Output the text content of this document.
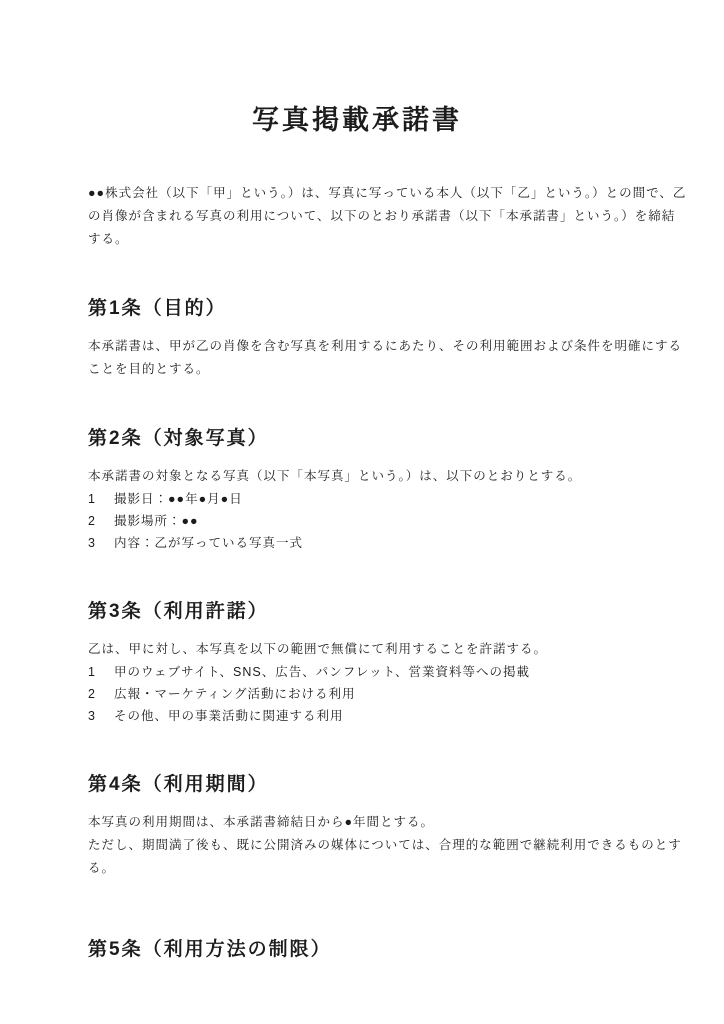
写真掲載承諾書

●●株式会社（以下「甲」という。）は、写真に写っている本人（以下「乙」という。）との間で、乙の肖像が含まれる写真の利用について、以下のとおり承諾書（以下「本承諾書」という。）を締結する。

第1条（目的）

本承諾書は、甲が乙の肖像を含む写真を利用するにあたり、その利用範囲および条件を明確にすることを目的とする。

第2条（対象写真）

本承諾書の対象となる写真（以下「本写真」という。）は、以下のとおりとする。

1	撮影日：●●年●月●日
2	撮影場所：●●
3	内容：乙が写っている写真一式
第3条（利用許諾）

乙は、甲に対し、本写真を以下の範囲で無償にて利用することを許諾する。

1	甲のウェブサイト、SNS、広告、パンフレット、営業資料等への掲載
2	広報・マーケティング活動における利用
3	その他、甲の事業活動に関連する利用
第4条（利用期間）

本写真の利用期間は、本承諾書締結日から●年間とする。

ただし、期間満了後も、既に公開済みの媒体については、合理的な範囲で継続利用できるものとする。

第5条（利用方法の制限）
